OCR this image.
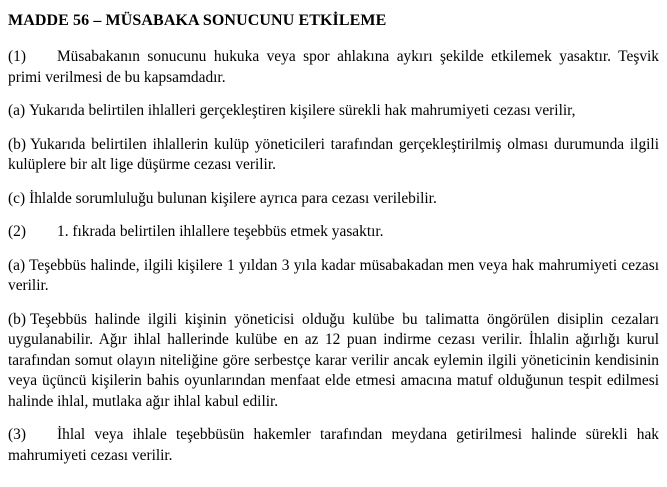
MADDE 56 – MÜSABAKA SONUCUNU ETKİLEME

(1) Müsabakanın sonucunu hukuka veya spor ahlakına aykırı şekilde etkilemek yasaktır. Teşvik primi verilmesi de bu kapsamdadır.

(a) Yukarıda belirtilen ihlalleri gerçekleştiren kişilere sürekli hak mahrumiyeti cezası verilir,

(b) Yukarıda belirtilen ihlallerin kulüp yöneticileri tarafından gerçekleştirilmiş olması durumunda ilgili kulüplere bir alt lige düşürme cezası verilir.

(c) İhlalde sorumluluğu bulunan kişilere ayrıca para cezası verilebilir.

(2) 1. fıkrada belirtilen ihlallere teşebbüs etmek yasaktır.

(a) Teşebbüs halinde, ilgili kişilere 1 yıldan 3 yıla kadar müsabakadan men veya hak mahrumiyeti cezası verilir.

(b) Teşebbüs halinde ilgili kişinin yöneticisi olduğu kulübe bu talimatta öngörülen disiplin cezaları uygulanabilir. Ağır ihlal hallerinde kulübe en az 12 puan indirme cezası verilir. İhlalin ağırlığı kurul tarafından somut olayın niteliğine göre serbestçe karar verilir ancak eylemin ilgili yöneticinin kendisinin veya üçüncü kişilerin bahis oyunlarından menfaat elde etmesi amacına matuf olduğunun tespit edilmesi halinde ihlal, mutlaka ağır ihlal kabul edilir.

(3) İhlal veya ihlale teşebbüsün hakemler tarafından meydana getirilmesi halinde sürekli hak mahrumiyeti cezası verilir.
